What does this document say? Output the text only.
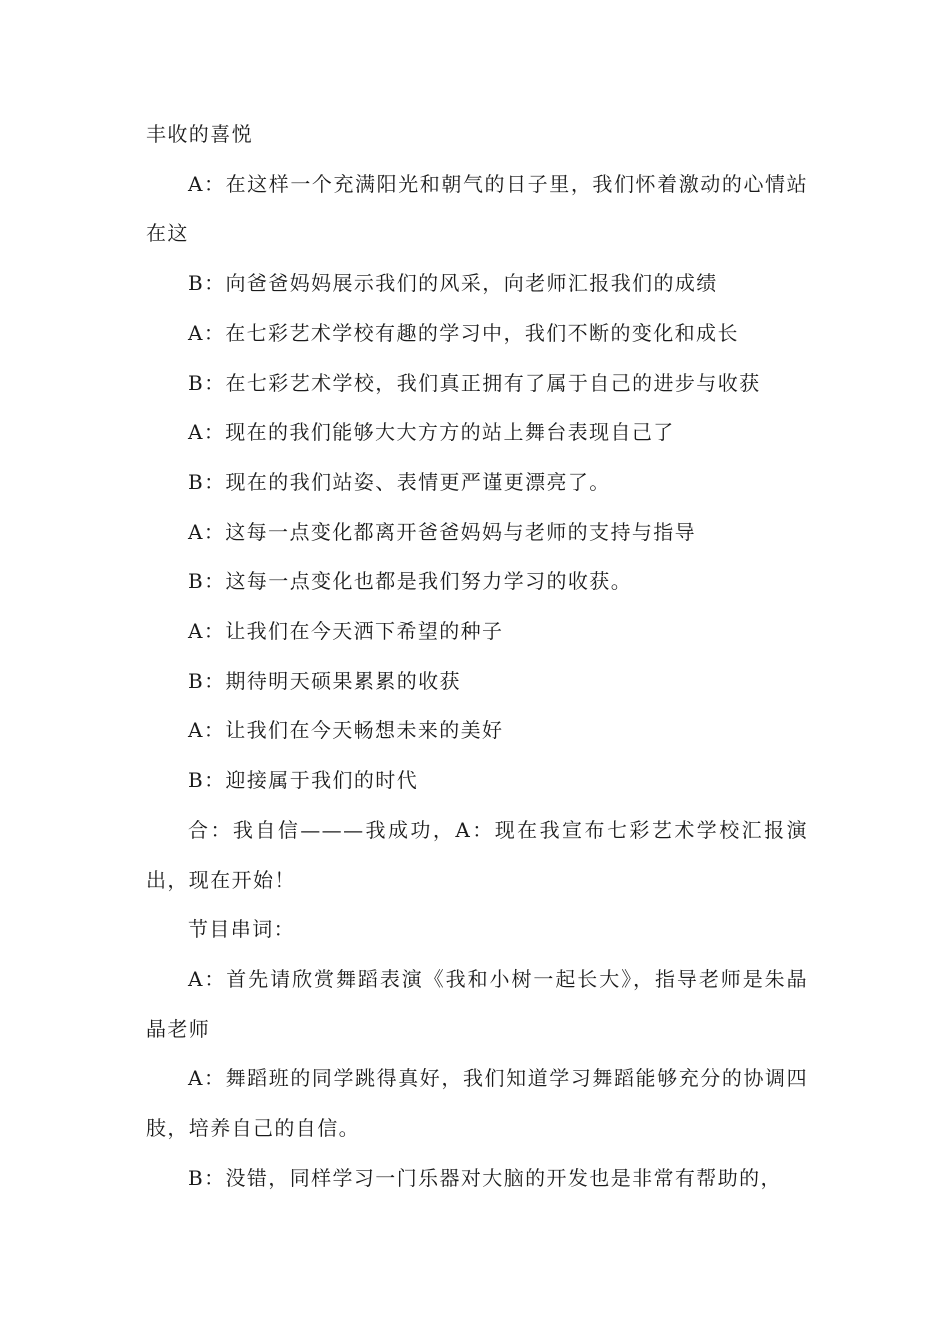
丰收的喜悦

A：在这样一个充满阳光和朝气的日子里，我们怀着激动的心情站在这

B：向爸爸妈妈展示我们的风采，向老师汇报我们的成绩

A：在七彩艺术学校有趣的学习中，我们不断的变化和成长

B：在七彩艺术学校，我们真正拥有了属于自己的进步与收获

A：现在的我们能够大大方方的站上舞台表现自己了

B：现在的我们站姿、表情更严谨更漂亮了。

A：这每一点变化都离开爸爸妈妈与老师的支持与指导

B：这每一点变化也都是我们努力学习的收获。

A：让我们在今天洒下希望的种子

B：期待明天硕果累累的收获

A：让我们在今天畅想未来的美好

B：迎接属于我们的时代

合：我自信———我成功，A：现在我宣布七彩艺术学校汇报演出，现在开始！

节目串词：

A：首先请欣赏舞蹈表演《我和小树一起长大》，指导老师是朱晶晶老师

A：舞蹈班的同学跳得真好，我们知道学习舞蹈能够充分的协调四肢，培养自己的自信。

B：没错，同样学习一门乐器对大脑的开发也是非常有帮助的，
